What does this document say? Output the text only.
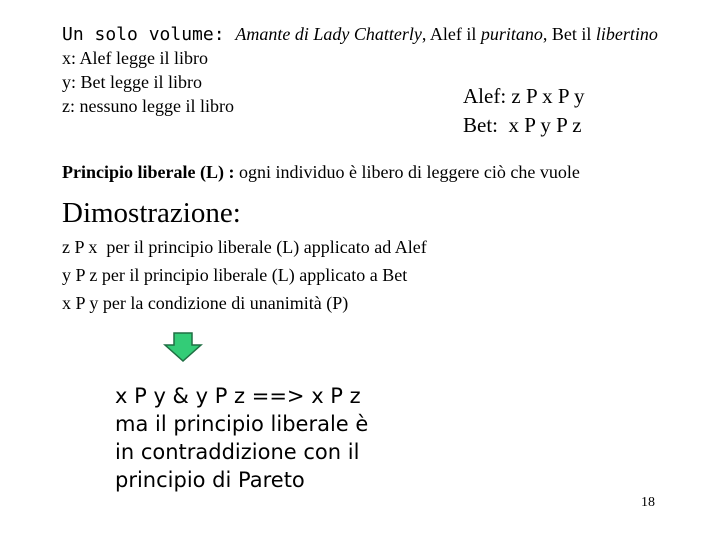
Un solo volume: Amante di Lady Chatterly, Alef il puritano, Bet il libertino
x: Alef legge il libro
y: Bet legge il libro
z: nessuno legge il libro	Alef: z P x P y
Bet:  x P y P z
Principio liberale (L) : ogni individuo è libero di leggere ciò che vuole
Dimostrazione:
z P x  per il principio liberale (L) applicato ad Alef
y P z per il principio liberale (L) applicato a Bet
x P y per la condizione di unanimità (P)
x P y & y P z ==> x P z
ma il principio liberale è
in contraddizione con il
principio di Pareto
18
